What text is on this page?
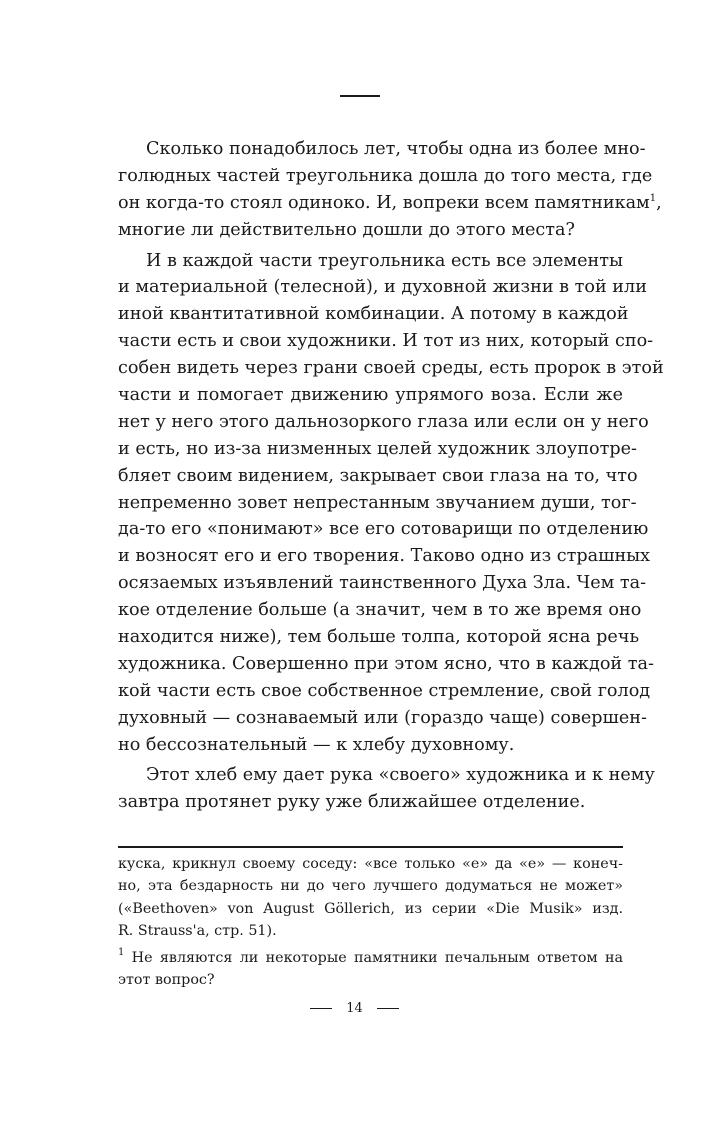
Сколько понадобилось лет, чтобы одна из более мно-
голюдных частей треугольника дошла до того места, где
он когда-то стоял одиноко. И, вопреки всем памятникам$^1$,
многие ли действительно дошли до этого места?
И в каждой части треугольника есть все элементы
и материальной (телесной), и духовной жизни в той или
иной квантитативной комбинации. А потому в каждой
части есть и свои художники. И тот из них, который спо-
собен видеть через грани своей среды, есть пророк в этой
части и помогает движению упрямого воза. Если же
нет у него этого дальнозоркого глаза или если он у него
и есть, но из-за низменных целей художник злоупотре-
бляет своим видением, закрывает свои глаза на то, что
непременно зовет непрестанным звучанием души, тог-
да-то его «понимают» все его сотоварищи по отделению
и возносят его и его творения. Таково одно из страшных
осязаемых изъявлений таинственного Духа Зла. Чем та-
кое отделение больше (а значит, чем в то же время оно
находится ниже), тем больше толпа, которой ясна речь
художника. Совершенно при этом ясно, что в каждой та-
кой части есть свое собственное стремление, свой голод
духовный — сознаваемый или (гораздо чаще) совершен-
но бессознательный — к хлебу духовному.
Этот хлеб ему дает рука «своего» художника и к нему
завтра протянет руку уже ближайшее отделение.
куска, крикнул своему соседу: «все только «е» да «е» — конеч-
но, эта бездарность ни до чего лучшего додуматься не может»
(«Beethoven» von August Göllerich, из серии «Die Musik» изд.
R. Strauss'a, стр. 51).
$^1$ Не являются ли некоторые памятники печальным ответом на
этот вопрос?
14
